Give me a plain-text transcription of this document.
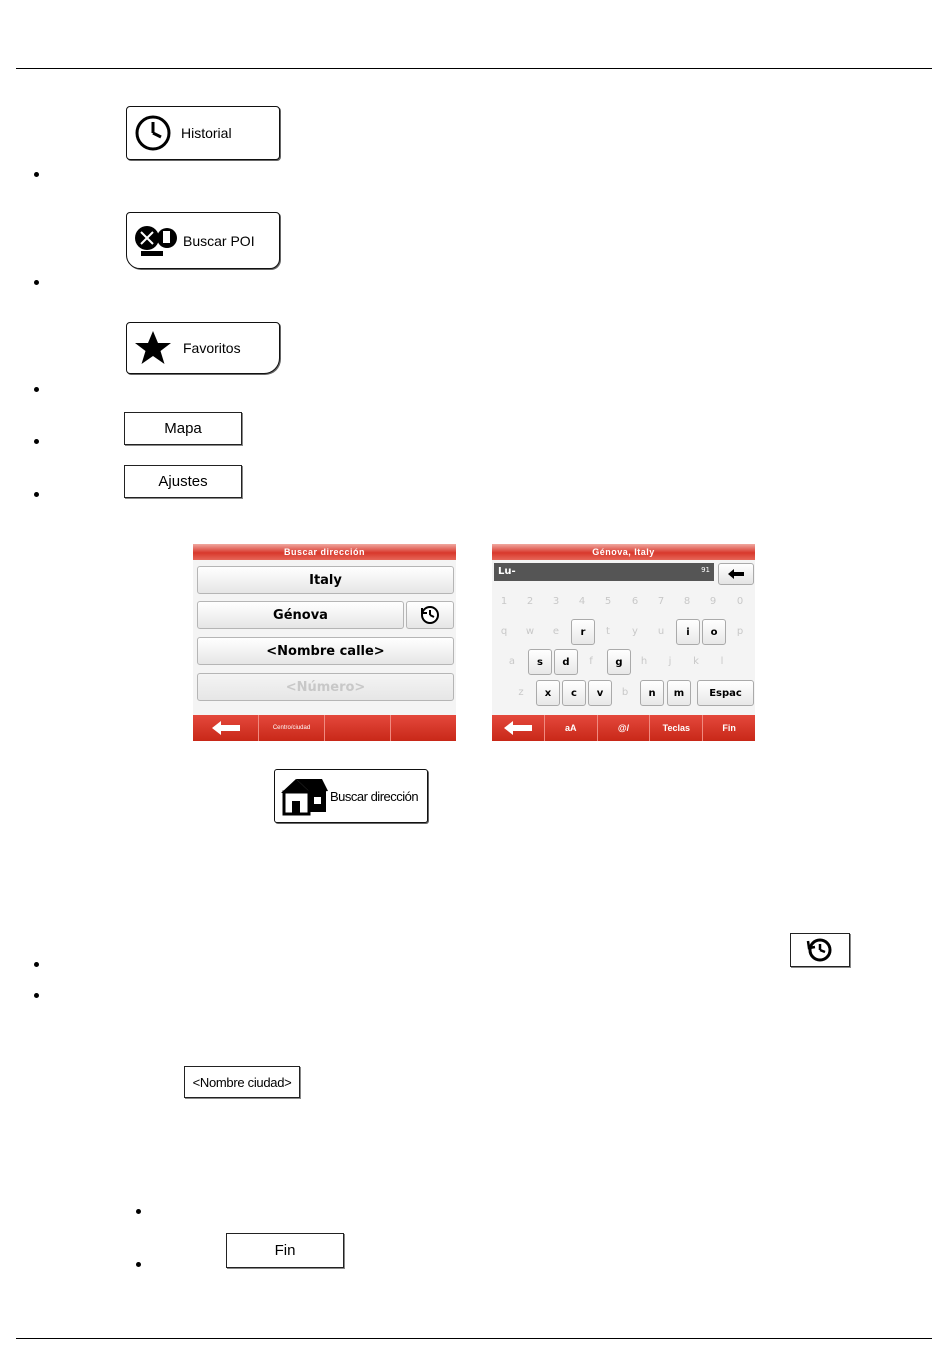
Historial
Buscar POI
Favoritos
Mapa
Ajustes
Buscar dirección
Italy
Génova
<Nombre calle>
<Número>
Centro/ciudad
Génova, Italy
Lu-	91
1	2	3	4	5	6	7	8	9	0
q	w	e	r	t	y	u	i	o	p
a	s	d	f	g	h	j	k	l
z	x	c	v	b	n	m	Espac
aA	@/	Teclas	Fin
Buscar dirección
<Nombre ciudad>
Fin
